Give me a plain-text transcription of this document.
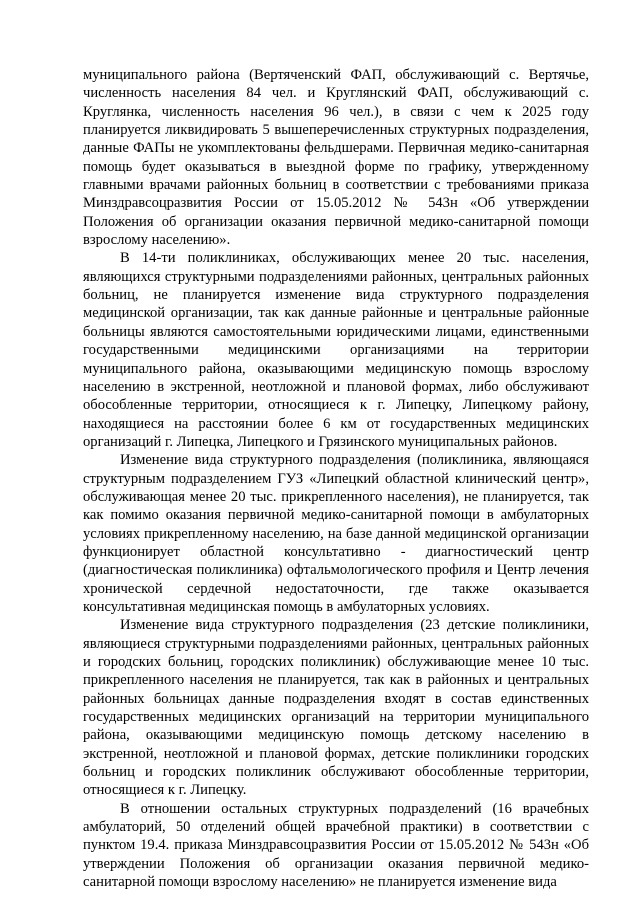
муниципального района (Вертяченский ФАП, обслуживающий с. Вертячье, численность населения 84 чел. и Круглянский ФАП, обслуживающий с. Круглянка, численность населения 96 чел.), в связи с чем к 2025 году планируется ликвидировать 5 вышеперечисленных структурных подразделения, данные ФАПы не укомплектованы фельдшерами. Первичная медико-санитарная помощь будет оказываться в выездной форме по графику, утвержденному главными врачами районных больниц в соответствии с требованиями приказа Минздравсоцразвития России от 15.05.2012 № 543н «Об утверждении Положения об организации оказания первичной медико-санитарной помощи взрослому населению».

В 14-ти поликлиниках, обслуживающих менее 20 тыс. населения, являющихся структурными подразделениями районных, центральных районных больниц, не планируется изменение вида структурного подразделения медицинской организации, так как данные районные и центральные районные больницы являются самостоятельными юридическими лицами, единственными государственными медицинскими организациями на территории муниципального района, оказывающими медицинскую помощь взрослому населению в экстренной, неотложной и плановой формах, либо обслуживают обособленные территории, относящиеся к г. Липецку, Липецкому району, находящиеся на расстоянии более 6 км от государственных медицинских организаций г. Липецка, Липецкого и Грязинского муниципальных районов.

Изменение вида структурного подразделения (поликлиника, являющаяся структурным подразделением ГУЗ «Липецкий областной клинический центр», обслуживающая менее 20 тыс. прикрепленного населения), не планируется, так как помимо оказания первичной медико-санитарной помощи в амбулаторных условиях прикрепленному населению, на базе данной медицинской организации функционирует областной консультативно - диагностический центр (диагностическая поликлиника) офтальмологического профиля и Центр лечения хронической сердечной недостаточности, где также оказывается консультативная медицинская помощь в амбулаторных условиях.

Изменение вида структурного подразделения (23 детские поликлиники, являющиеся структурными подразделениями районных, центральных районных и городских больниц, городских поликлиник) обслуживающие менее 10 тыс. прикрепленного населения не планируется, так как в районных и центральных районных больницах данные подразделения входят в состав единственных государственных медицинских организаций на территории муниципального района, оказывающими медицинскую помощь детскому населению в экстренной, неотложной и плановой формах, детские поликлиники городских больниц и городских поликлиник обслуживают обособленные территории, относящиеся к г. Липецку.

В отношении остальных структурных подразделений (16 врачебных амбулаторий, 50 отделений общей врачебной практики) в соответствии с пунктом 19.4. приказа Минздравсоцразвития России от 15.05.2012 № 543н «Об утверждении Положения об организации оказания первичной медико-санитарной помощи взрослому населению» не планируется изменение вида
